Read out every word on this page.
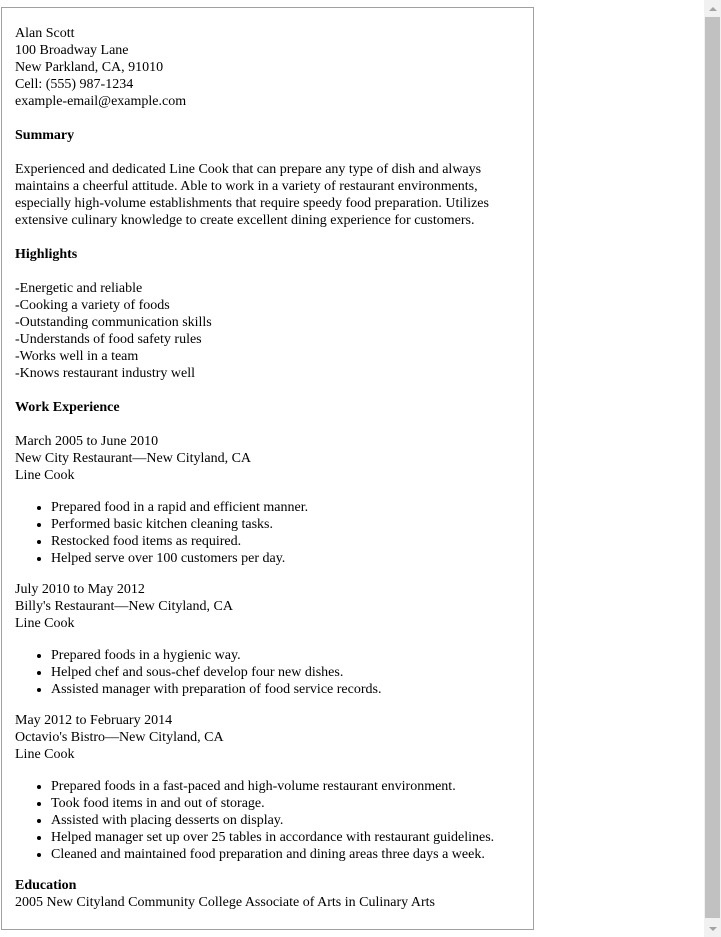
Alan Scott
100 Broadway Lane
New Parkland, CA, 91010
Cell: (555) 987-1234
example-email@example.com
Summary
Experienced and dedicated Line Cook that can prepare any type of dish and always
maintains a cheerful attitude. Able to work in a variety of restaurant environments,
especially high-volume establishments that require speedy food preparation. Utilizes
extensive culinary knowledge to create excellent dining experience for customers.
Highlights
-Energetic and reliable
-Cooking a variety of foods
-Outstanding communication skills
-Understands of food safety rules
-Works well in a team
-Knows restaurant industry well
Work Experience
March 2005 to June 2010
New City Restaurant—New Cityland, CA
Line Cook
• Prepared food in a rapid and efficient manner.
• Performed basic kitchen cleaning tasks.
• Restocked food items as required.
• Helped serve over 100 customers per day.
July 2010 to May 2012
Billy's Restaurant—New Cityland, CA
Line Cook
• Prepared foods in a hygienic way.
• Helped chef and sous-chef develop four new dishes.
• Assisted manager with preparation of food service records.
May 2012 to February 2014
Octavio's Bistro—New Cityland, CA
Line Cook
• Prepared foods in a fast-paced and high-volume restaurant environment.
• Took food items in and out of storage.
• Assisted with placing desserts on display.
• Helped manager set up over 25 tables in accordance with restaurant guidelines.
• Cleaned and maintained food preparation and dining areas three days a week.
Education
2005 New Cityland Community College Associate of Arts in Culinary Arts
